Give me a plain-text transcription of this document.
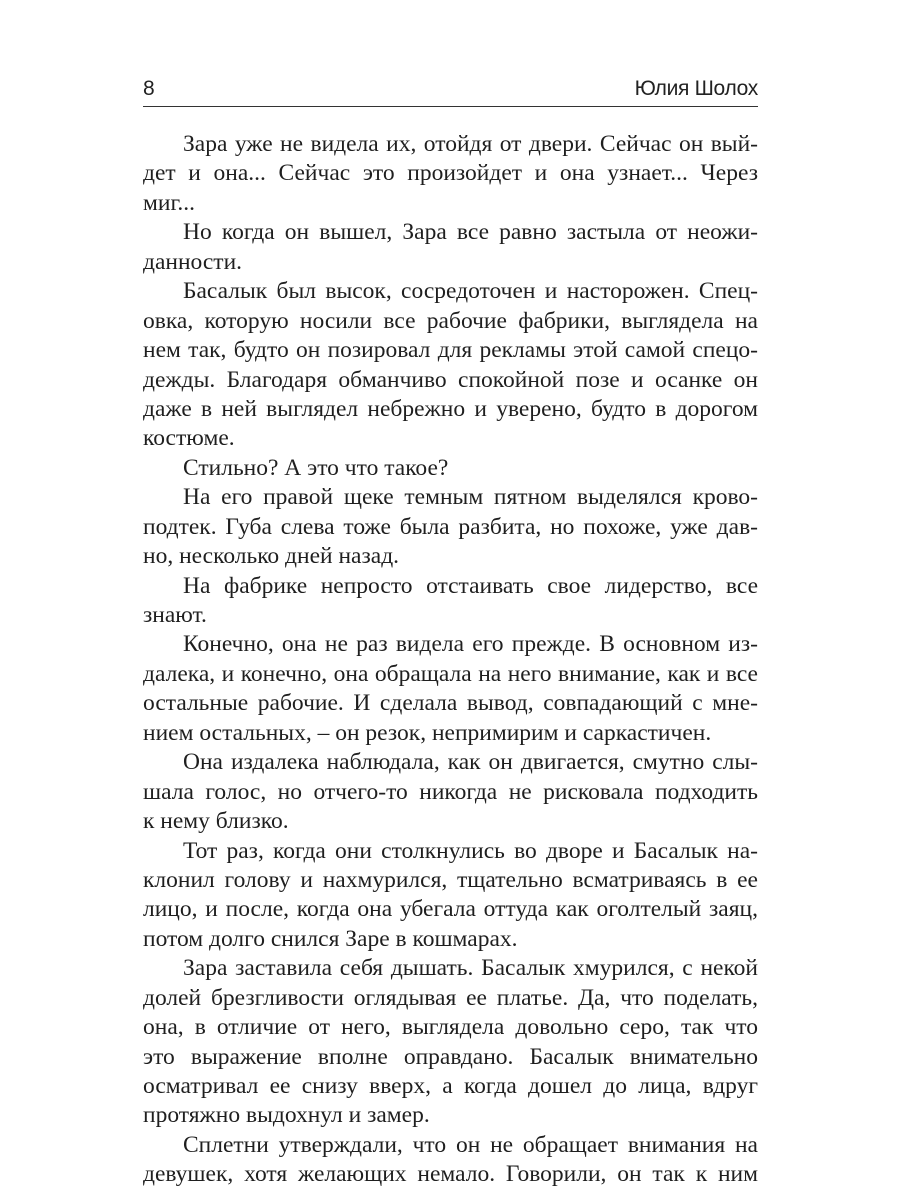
8	Юлия Шолох
Зара уже не видела их, отойдя от двери. Сейчас он вый-
дет и она... Сейчас это произойдет и она узнает... Через
миг...
Но когда он вышел, Зара все равно застыла от неожи-
данности.
Басалык был высок, сосредоточен и насторожен. Спец-
овка, которую носили все рабочие фабрики, выглядела на
нем так, будто он позировал для рекламы этой самой спецо-
дежды. Благодаря обманчиво спокойной позе и осанке он
даже в ней выглядел небрежно и уверено, будто в дорогом
костюме.
Стильно? А это что такое?
На его правой щеке темным пятном выделялся крово-
подтек. Губа слева тоже была разбита, но похоже, уже дав-
но, несколько дней назад.
На фабрике непросто отстаивать свое лидерство, все
знают.
Конечно, она не раз видела его прежде. В основном из-
далека, и конечно, она обращала на него внимание, как и все
остальные рабочие. И сделала вывод, совпадающий с мне-
нием остальных, – он резок, непримирим и саркастичен.
Она издалека наблюдала, как он двигается, смутно слы-
шала голос, но отчего-то никогда не рисковала подходить
к нему близко.
Тот раз, когда они столкнулись во дворе и Басалык на-
клонил голову и нахмурился, тщательно всматриваясь в ее
лицо, и после, когда она убегала оттуда как оголтелый заяц,
потом долго снился Заре в кошмарах.
Зара заставила себя дышать. Басалык хмурился, с некой
долей брезгливости оглядывая ее платье. Да, что поделать,
она, в отличие от него, выглядела довольно серо, так что
это выражение вполне оправдано. Басалык внимательно
осматривал ее снизу вверх, а когда дошел до лица, вдруг
протяжно выдохнул и замер.
Сплетни утверждали, что он не обращает внимания на
девушек, хотя желающих немало. Говорили, он так к ним
